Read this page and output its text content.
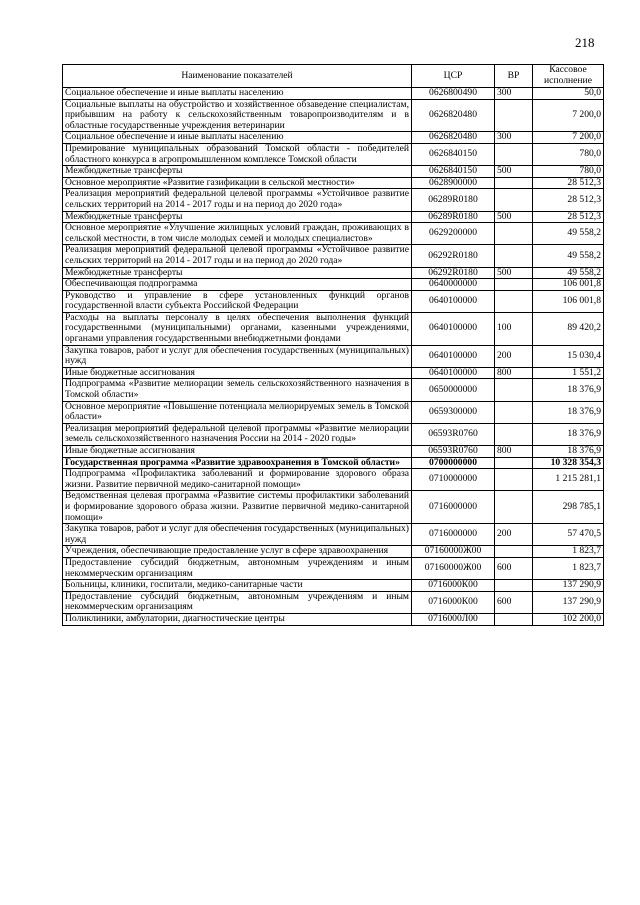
218
Наименование показателей	ЦСР	ВР	Кассовое исполнение
Социальное обеспечение и иные выплаты населению	0626800490	300	50,0
Социальные выплаты на обустройство и хозяйственное обзаведение специалистам, прибывшим на работу к сельскохозяйственным товаропроизводителям и в областные государственные учреждения ветеринарии	0626820480		7 200,0
Социальное обеспечение и иные выплаты населению	0626820480	300	7 200,0
Премирование муниципальных образований Томской области - победителей областного конкурса в агропромышленном комплексе Томской области	0626840150		780,0
Межбюджетные трансферты	0626840150	500	780,0
Основное мероприятие «Развитие газификации в сельской местности»	0628900000		28 512,3
Реализация мероприятий федеральной целевой программы «Устойчивое развитие сельских территорий на 2014 - 2017 годы и на период до 2020 года»	06289R0180		28 512,3
Межбюджетные трансферты	06289R0180	500	28 512,3
Основное мероприятие «Улучшение жилищных условий граждан, проживающих в сельской местности, в том числе молодых семей и молодых специалистов»	0629200000		49 558,2
Реализация мероприятий федеральной целевой программы «Устойчивое развитие сельских территорий на 2014 - 2017 годы и на период до 2020 года»	06292R0180		49 558,2
Межбюджетные трансферты	06292R0180	500	49 558,2
Обеспечивающая подпрограмма	0640000000		106 001,8
Руководство и управление в сфере установленных функций органов государственной власти субъекта Российской Федерации	0640100000		106 001,8
Расходы на выплаты персоналу в целях обеспечения выполнения функций государственными (муниципальными) органами, казенными учреждениями, органами управления государственными внебюджетными фондами	0640100000	100	89 420,2
Закупка товаров, работ и услуг для обеспечения государственных (муниципальных) нужд	0640100000	200	15 030,4
Иные бюджетные ассигнования	0640100000	800	1 551,2
Подпрограмма «Развитие мелиорации земель сельскохозяйственного назначения в Томской области»	0650000000		18 376,9
Основное мероприятие «Повышение потенциала мелиорируемых земель в Томской области»	0659300000		18 376,9
Реализация мероприятий федеральной целевой программы «Развитие мелиорации земель сельскохозяйственного назначения России на 2014 - 2020 годы»	06593R0760		18 376,9
Иные бюджетные ассигнования	06593R0760	800	18 376,9
Государственная программа «Развитие здравоохранения в Томской области»	0700000000		10 328 354,3
Подпрограмма «Профилактика заболеваний и формирование здорового образа жизни. Развитие первичной медико-санитарной помощи»	0710000000		1 215 281,1
Ведомственная целевая программа «Развитие системы профилактики заболеваний и формирование здорового образа жизни. Развитие первичной медико-санитарной помощи»	0716000000		298 785,1
Закупка товаров, работ и услуг для обеспечения государственных (муниципальных) нужд	0716000000	200	57 470,5
Учреждения, обеспечивающие предоставление услуг в сфере здравоохранения	07160000Ж00		1 823,7
Предоставление субсидий бюджетным, автономным учреждениям и иным некоммерческим организациям	07160000Ж00	600	1 823,7
Больницы, клиники, госпитали, медико-санитарные части	0716000К00		137 290,9
Предоставление субсидий бюджетным, автономным учреждениям и иным некоммерческим организациям	0716000К00	600	137 290,9
Поликлиники, амбулатории, диагностические центры	0716000Л00		102 200,0
